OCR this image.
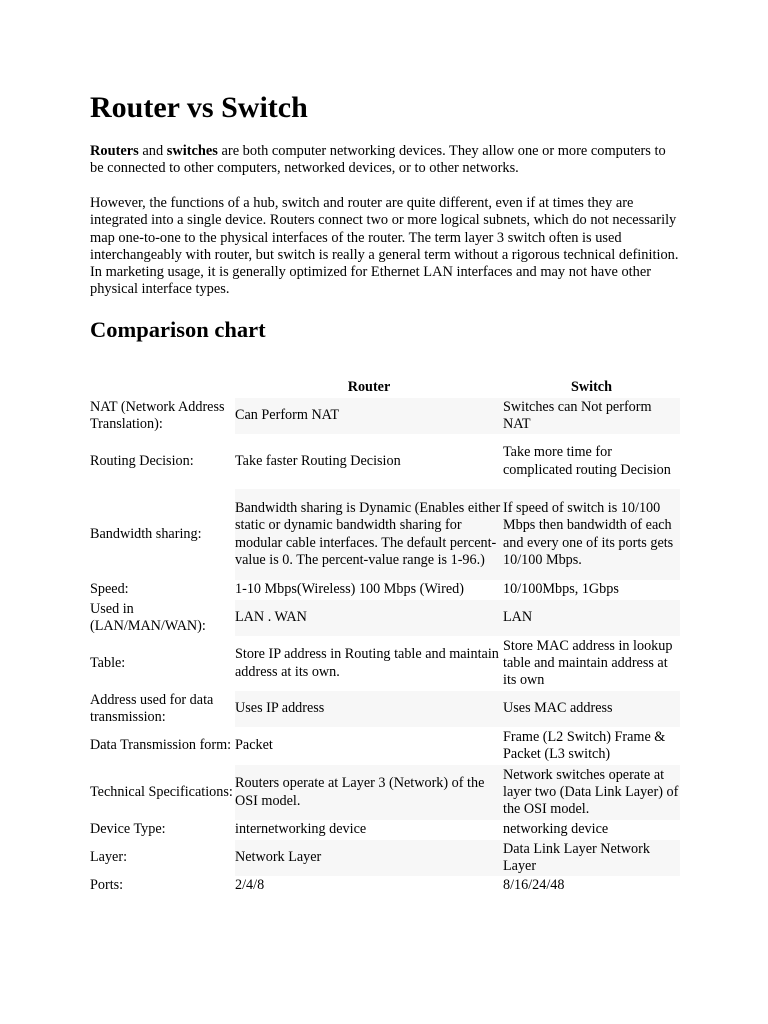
Router vs Switch

Routers and switches are both computer networking devices. They allow one or more computers to be connected to other computers, networked devices, or to other networks.

However, the functions of a hub, switch and router are quite different, even if at times they are integrated into a single device. Routers connect two or more logical subnets, which do not necessarily map one-to-one to the physical interfaces of the router. The term layer 3 switch often is used interchangeably with router, but switch is really a general term without a rigorous technical definition. In marketing usage, it is generally optimized for Ethernet LAN interfaces and may not have other physical interface types.

Comparison chart
	Router	Switch
NAT (Network Address Translation):	Can Perform NAT	Switches can Not perform NAT
Routing Decision:	Take faster Routing Decision	Take more time for complicated routing Decision
Bandwidth sharing:	Bandwidth sharing is Dynamic (Enables either static or dynamic bandwidth sharing for modular cable interfaces. The default percent-value is 0. The percent-value range is 1-96.)	If speed of switch is 10/100 Mbps then bandwidth of each and every one of its ports gets 10/100 Mbps.
Speed:	1-10 Mbps(Wireless) 100 Mbps (Wired)	10/100Mbps, 1Gbps
Used in (LAN/MAN/WAN):	LAN . WAN	LAN
Table:	Store IP address in Routing table and maintain address at its own.	Store MAC address in lookup table and maintain address at its own
Address used for data transmission:	Uses IP address	Uses MAC address
Data Transmission form:	Packet	Frame (L2 Switch) Frame & Packet (L3 switch)
Technical Specifications:	Routers operate at Layer 3 (Network) of the OSI model.	Network switches operate at layer two (Data Link Layer) of the OSI model.
Device Type:	internetworking device	networking device
Layer:	Network Layer	Data Link Layer Network Layer
Ports:	2/4/8	8/16/24/48
